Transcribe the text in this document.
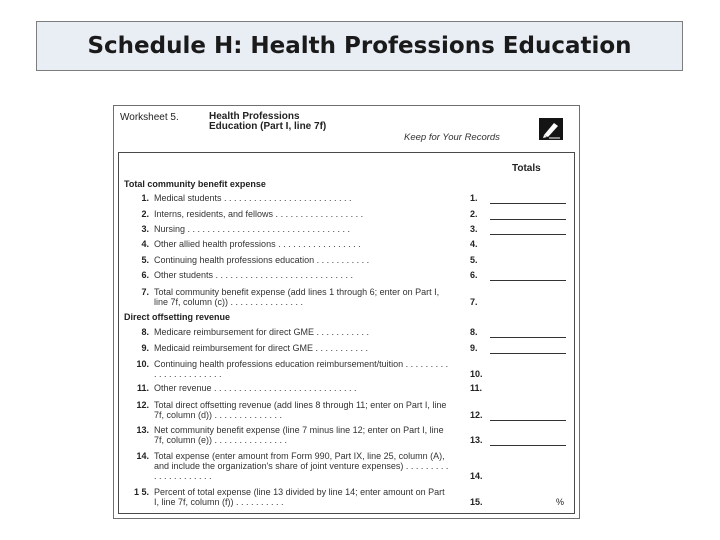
Schedule H: Health Professions Education
Worksheet 5.	Health Professions Education (Part I, line 7f)
Keep for Your Records
Totals
Total community benefit expense
1. Medical students . . . . . . . . . . . . . . . . . . . . . . . . . .	1.
2. Interns, residents, and fellows . . . . . . . . . . . . . . . . . .	2.
3. Nursing . . . . . . . . . . . . . . . . . . . . . . . . . . . . . . . . .	3.
4. Other allied health professions . . . . . . . . . . . . . . . . .	4.
5. Continuing health professions education . . . . . . . . . . .	5.
6. Other students . . . . . . . . . . . . . . . . . . . . . . . . . . . .	6.
7. Total community benefit expense (add lines 1 through 6; enter on Part I, line 7f, column (c)) . . . . . . . . . . . . . . .	7.
Direct offsetting revenue
8. Medicare reimbursement for direct GME . . . . . . . . . . .	8.
9. Medicaid reimbursement for direct GME . . . . . . . . . . .	9.
10. Continuing health professions education reimbursement/tuition . . . . . . . . . . . . . . . . . . . . . . .	10.
11. Other revenue . . . . . . . . . . . . . . . . . . . . . . . . . . . . .	11.
12. Total direct offsetting revenue (add lines 8 through 11; enter on Part I, line 7f, column (d)) . . . . . . . . . . . . . .	12.
13. Net community benefit expense (line 7 minus line 12; enter on Part I, line 7f, column (e)) . . . . . . . . . . . . . . .	13.
14. Total expense (enter amount from Form 990, Part IX, line 25, column (A), and include the organization's share of joint venture expenses) . . . . . . . . . . . . . . . . . . . . .	14.
1 5. Percent of total expense (line 13 divided by line 14; enter amount on Part I, line 7f, column (f)) . . . . . . . . . .	15.	%
